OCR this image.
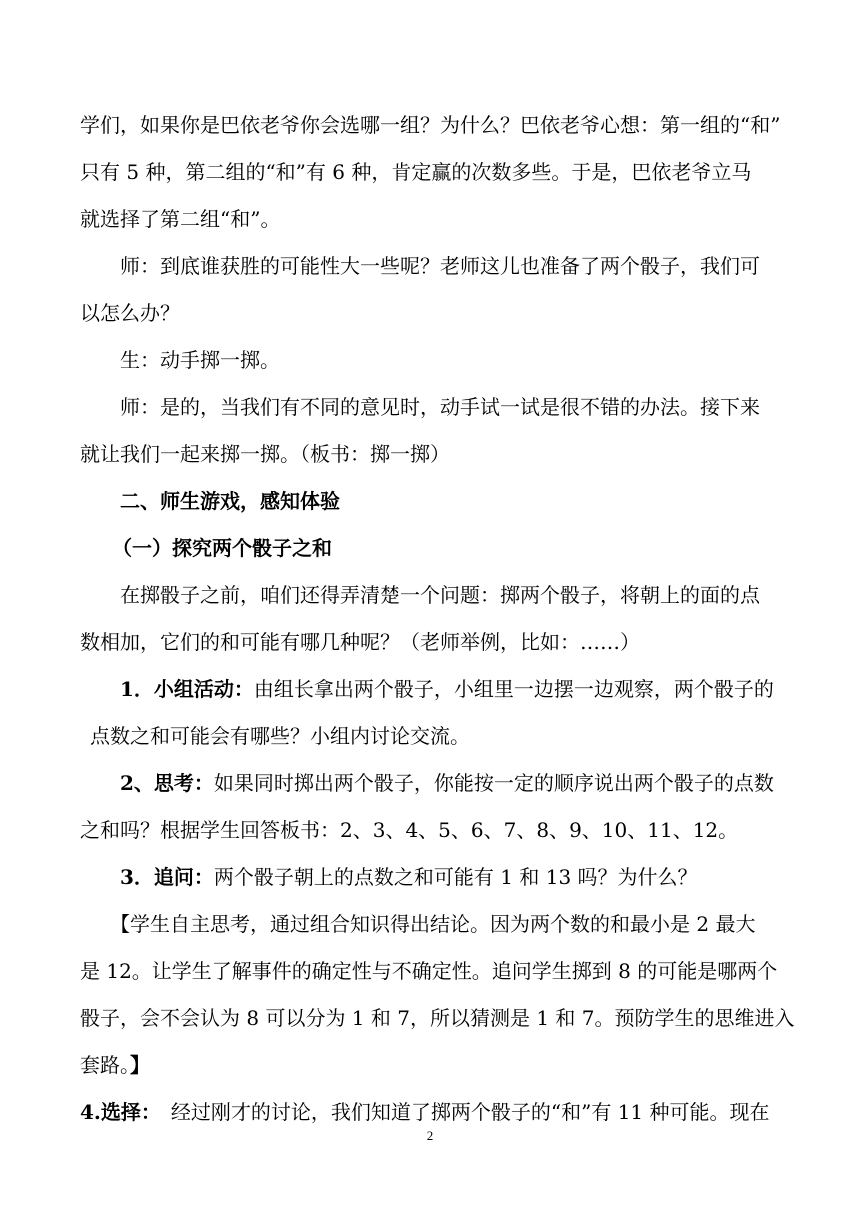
学们，如果你是巴依老爷你会选哪一组？为什么？巴依老爷心想：第一组的“和”
只有 5 种，第二组的“和”有 6 种，肯定赢的次数多些。于是，巴依老爷立马
就选择了第二组“和”。
师：到底谁获胜的可能性大一些呢？老师这儿也准备了两个骰子，我们可
以怎么办？
生：动手掷一掷。
师：是的，当我们有不同的意见时，动手试一试是很不错的办法。接下来
就让我们一起来掷一掷。（板书：掷一掷）
二、师生游戏，感知体验
（一）探究两个骰子之和
在掷骰子之前，咱们还得弄清楚一个问题：掷两个骰子，将朝上的面的点
数相加，它们的和可能有哪几种呢？（老师举例，比如：……）
1．小组活动：由组长拿出两个骰子，小组里一边摆一边观察，两个骰子的
点数之和可能会有哪些？小组内讨论交流。
2、思考：如果同时掷出两个骰子，你能按一定的顺序说出两个骰子的点数
之和吗？根据学生回答板书：2、3、4、5、6、7、8、9、10、11、12。
3．追问：两个骰子朝上的点数之和可能有 1 和 13 吗？为什么？
【学生自主思考，通过组合知识得出结论。因为两个数的和最小是 2 最大
是 12。让学生了解事件的确定性与不确定性。追问学生掷到 8 的可能是哪两个
骰子，会不会认为 8 可以分为 1 和 7，所以猜测是 1 和 7。预防学生的思维进入
套路。】
4.选择： 经过刚才的讨论，我们知道了掷两个骰子的“和”有 11 种可能。现在
2
